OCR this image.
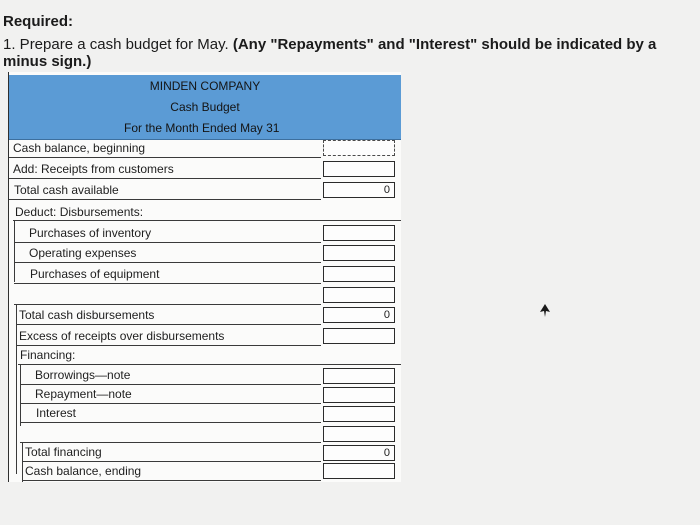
Required:
1. Prepare a cash budget for May. (Any "Repayments" and "Interest" should be indicated by a minus sign.)
MINDEN COMPANY
Cash Budget
For the Month Ended May 31
Cash balance, beginning
Add: Receipts from customers
Total cash available	0
Deduct: Disbursements:
Purchases of inventory
Operating expenses
Purchases of equipment
Total cash disbursements	0
Excess of receipts over disbursements
Financing:
Borrowings—note
Repayment—note
Interest
Total financing	0
Cash balance, ending
